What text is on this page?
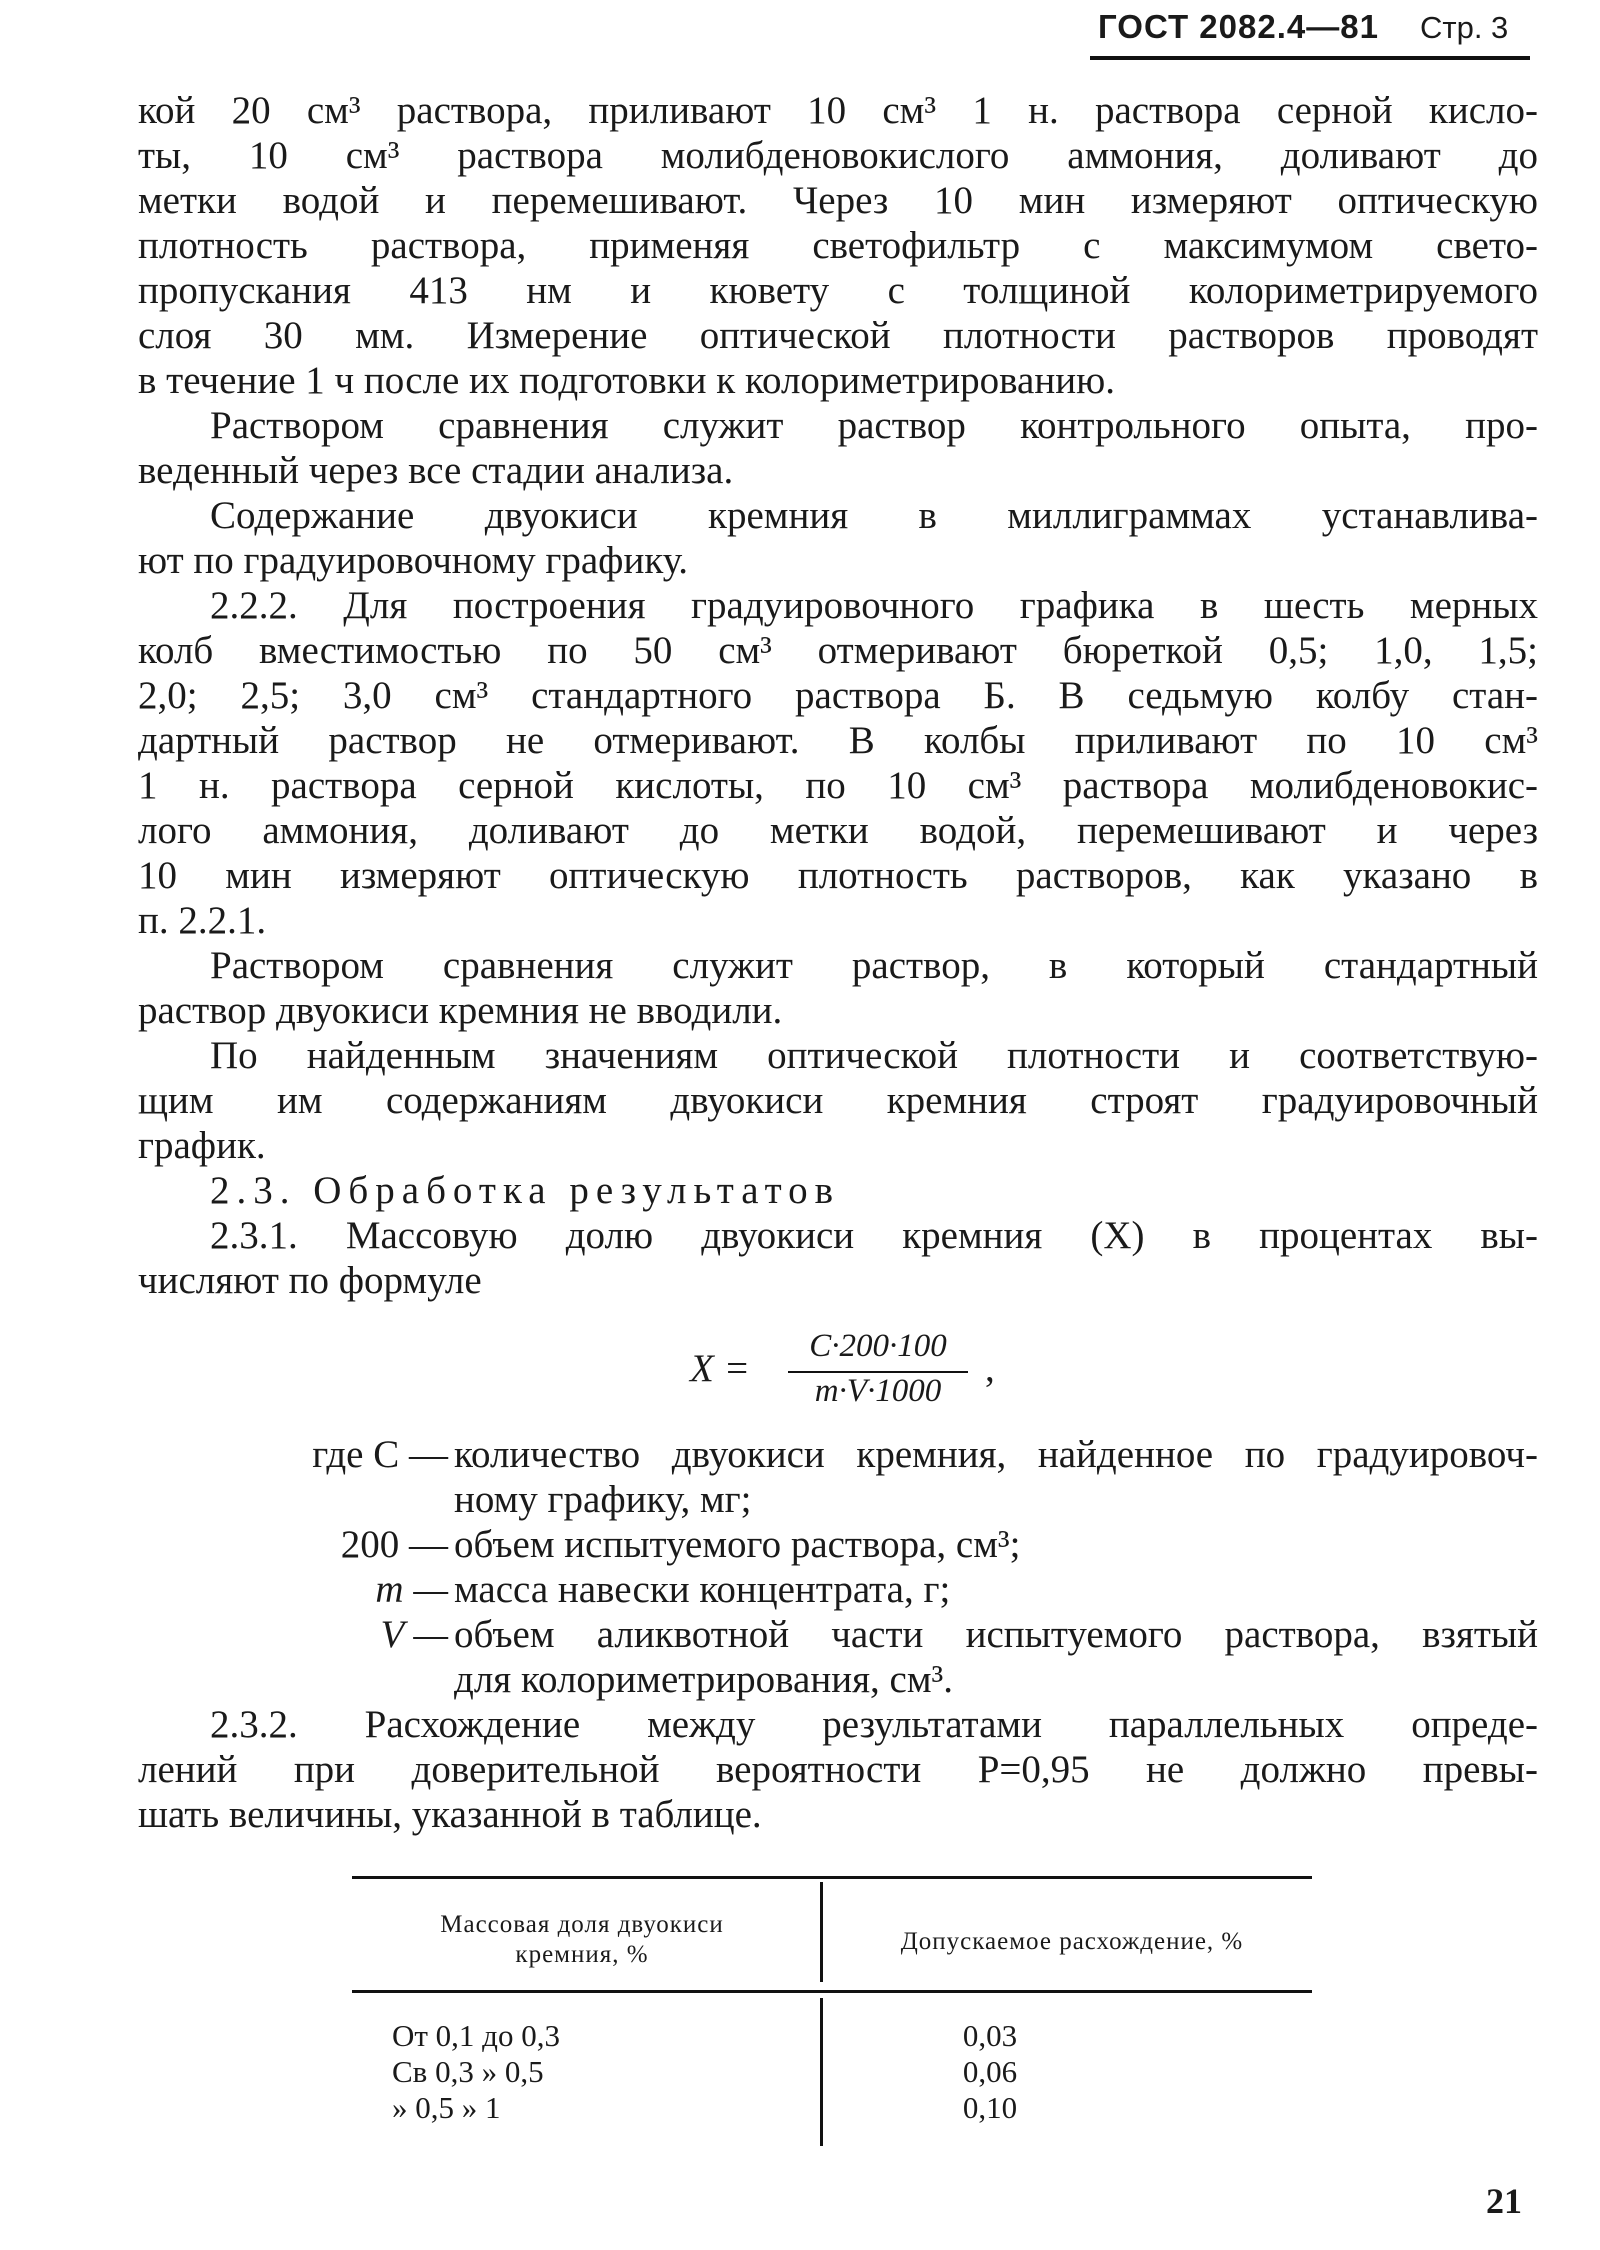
ГОСТ 2082.4—81 Стр. 3
кой 20 см³ раствора, приливают 10 см³ 1 н. раствора серной кисло-
ты, 10 см³ раствора молибденовокислого аммония, доливают до
метки водой и перемешивают. Через 10 мин измеряют оптическую
плотность раствора, применяя светофильтр с максимумом свето-
пропускания 413 нм и кювету с толщиной колориметрируемого
слоя 30 мм. Измерение оптической плотности растворов проводят
в течение 1 ч после их подготовки к колориметрированию.
Раствором сравнения служит раствор контрольного опыта, про-
веденный через все стадии анализа.
Содержание двуокиси кремния в миллиграммах устанавлива-
ют по градуировочному графику.
2.2.2. Для построения градуировочного графика в шесть мерных
колб вместимостью по 50 см³ отмеривают бюреткой 0,5; 1,0, 1,5;
2,0; 2,5; 3,0 см³ стандартного раствора Б. В седьмую колбу стан-
дартный раствор не отмеривают. В колбы приливают по 10 см³
1 н. раствора серной кислоты, по 10 см³ раствора молибденовокис-
лого аммония, доливают до метки водой, перемешивают и через
10 мин измеряют оптическую плотность растворов, как указано в
п. 2.2.1.
Раствором сравнения служит раствор, в который стандартный
раствор двуокиси кремния не вводили.
По найденным значениям оптической плотности и соответствую-
щим им содержаниям двуокиси кремния строят градуировочный
график.
2.3. Обработка результатов
2.3.1. Массовую долю двуокиси кремния (X) в процентах вы-
числяют по формуле
X =
C·200·100
m·V·1000
,
где C — количество двуокиси кремния, найденное по градуировоч-
ному графику, мг;
200 — объем испытуемого раствора, см³;
m — масса навески концентрата, г;
V — объем аликвотной части испытуемого раствора, взятый
для колориметрирования, см³.
2.3.2. Расхождение между результатами параллельных опреде-
лений при доверительной вероятности P=0,95 не должно превы-
шать величины, указанной в таблице.
Массовая доля двуокиси
кремния, %	Допускаемое расхождение, %
От 0,1 до 0,3	0,03
Св 0,3 » 0,5	0,06
» 0,5 » 1	0,10
21
